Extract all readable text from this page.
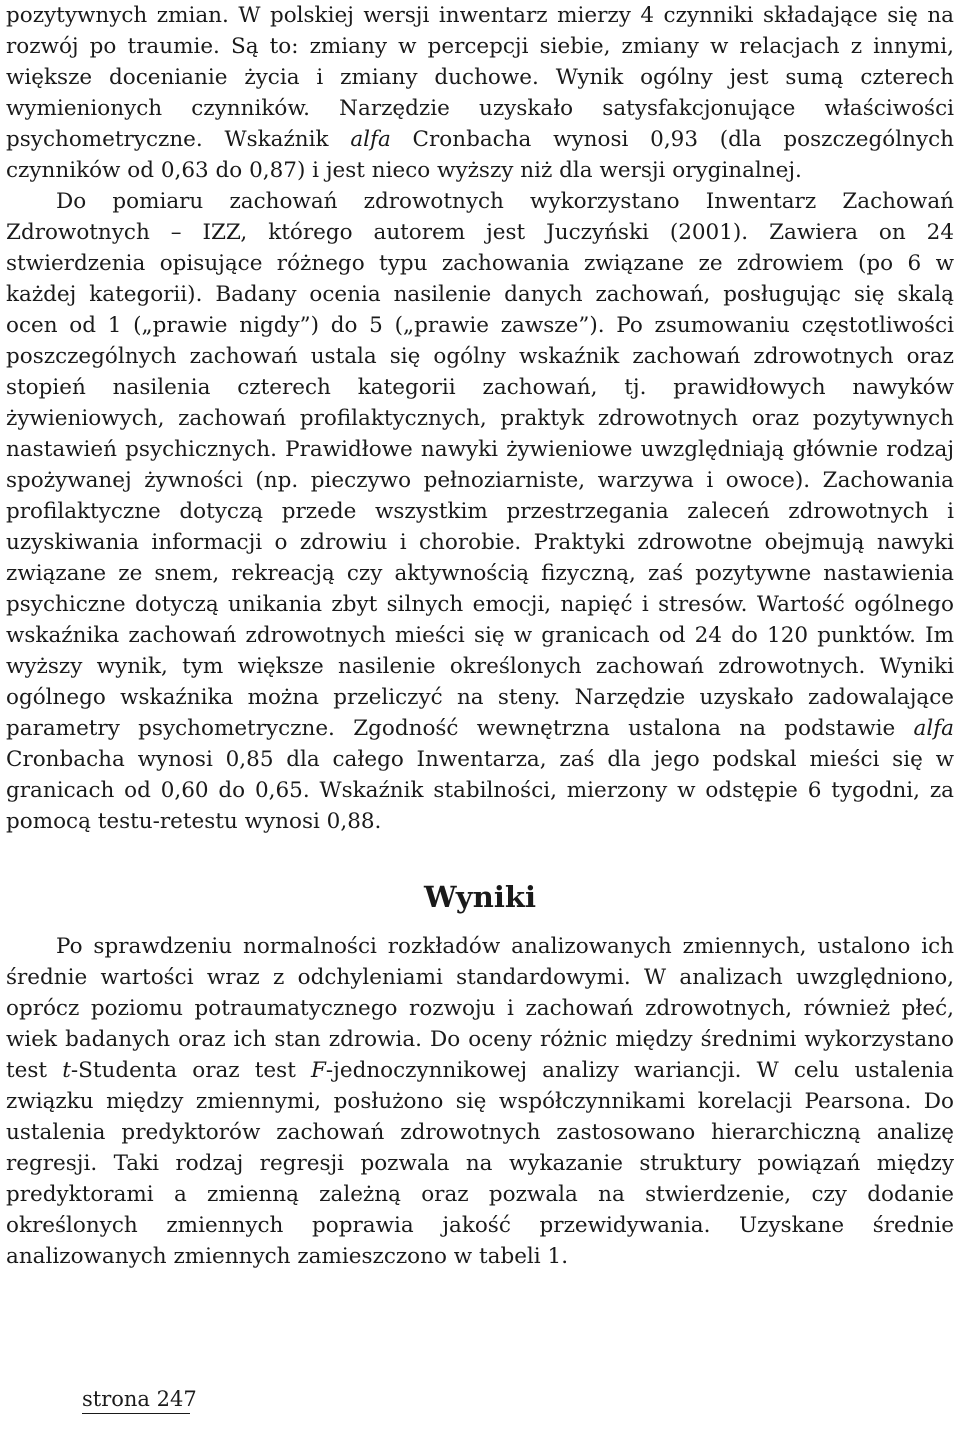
pozytywnych zmian. W polskiej wersji inwentarz mierzy 4 czynniki składające się na rozwój po traumie. Są to: zmiany w percepcji siebie, zmiany w relacjach z innymi, większe docenianie życia i zmiany duchowe. Wynik ogólny jest sumą czterech wymienionych czynników. Narzędzie uzyskało satysfakcjonujące właściwości psychometryczne. Wskaźnik alfa Cronbacha wynosi 0,93 (dla poszczególnych czynników od 0,63 do 0,87) i jest nieco wyższy niż dla wersji oryginalnej.

Do pomiaru zachowań zdrowotnych wykorzystano Inwentarz Zachowań Zdrowotnych – IZZ, którego autorem jest Juczyński (2001). Zawiera on 24 stwierdzenia opisujące różnego typu zachowania związane ze zdrowiem (po 6 w każdej kategorii). Badany ocenia nasilenie danych zachowań, posługując się skalą ocen od 1 („prawie nigdy”) do 5 („prawie zawsze”). Po zsumowaniu częstotliwości poszczególnych zachowań ustala się ogólny wskaźnik zachowań zdrowotnych oraz stopień nasilenia czterech kategorii zachowań, tj. prawidłowych nawyków żywieniowych, zachowań profilaktycznych, praktyk zdrowotnych oraz pozytywnych nastawień psychicznych. Prawidłowe nawyki żywieniowe uwzględniają głównie rodzaj spożywanej żywności (np. pieczywo pełnoziarniste, warzywa i owoce). Zachowania profilaktyczne dotyczą przede wszystkim przestrzegania zaleceń zdrowotnych i uzyskiwania informacji o zdrowiu i chorobie. Praktyki zdrowotne obejmują nawyki związane ze snem, rekreacją czy aktywnością fizyczną, zaś pozytywne nastawienia psychiczne dotyczą unikania zbyt silnych emocji, napięć i stresów. Wartość ogólnego wskaźnika zachowań zdrowotnych mieści się w granicach od 24 do 120 punktów. Im wyższy wynik, tym większe nasilenie określonych zachowań zdrowotnych. Wyniki ogólnego wskaźnika można przeliczyć na steny. Narzędzie uzyskało zadowalające parametry psychometryczne. Zgodność wewnętrzna ustalona na podstawie alfa Cronbacha wynosi 0,85 dla całego Inwentarza, zaś dla jego podskal mieści się w granicach od 0,60 do 0,65. Wskaźnik stabilności, mierzony w odstępie 6 tygodni, za pomocą testu-retestu wynosi 0,88.

Wyniki

Po sprawdzeniu normalności rozkładów analizowanych zmiennych, ustalono ich średnie wartości wraz z odchyleniami standardowymi. W analizach uwzględniono, oprócz poziomu potraumatycznego rozwoju i zachowań zdrowotnych, również płeć, wiek badanych oraz ich stan zdrowia. Do oceny różnic między średnimi wykorzystano test t-Studenta oraz test F-jednoczynnikowej analizy wariancji. W celu ustalenia związku między zmiennymi, posłużono się współczynnikami korelacji Pearsona. Do ustalenia predyktorów zachowań zdrowotnych zastosowano hierarchiczną analizę regresji. Taki rodzaj regresji pozwala na wykazanie struktury powiązań między predyktorami a zmienną zależną oraz pozwala na stwierdzenie, czy dodanie określonych zmiennych poprawia jakość przewidywania. Uzyskane średnie analizowanych zmiennych zamieszczono w tabeli 1.

strona 247
